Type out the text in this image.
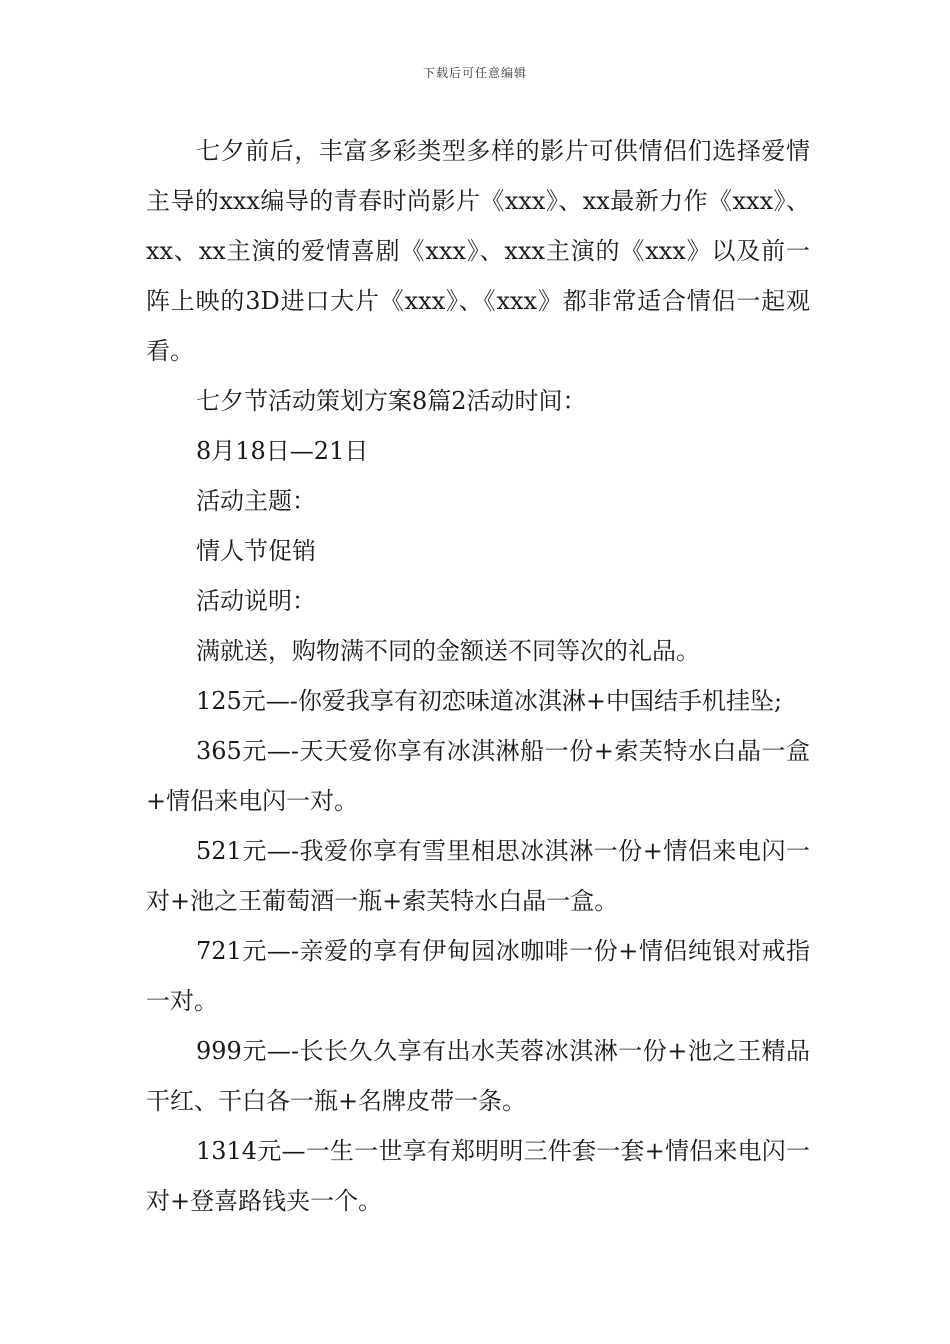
下载后可任意编辑

七夕前后，丰富多彩类型多样的影片可供情侣们选择爱情主导的xxx编导的青春时尚影片《xxx》、xx最新力作《xxx》、xx、xx主演的爱情喜剧《xxx》、xxx主演的《xxx》以及前一阵上映的3D进口大片《xxx》、《xxx》都非常适合情侣一起观看。

七夕节活动策划方案8篇2活动时间：

8月18日—21日

活动主题：

情人节促销

活动说明：

满就送，购物满不同的金额送不同等次的礼品。

125元—-你爱我享有初恋味道冰淇淋+中国结手机挂坠;

365元—-天天爱你享有冰淇淋船一份+索芙特水白晶一盒+情侣来电闪一对。

521元—-我爱你享有雪里相思冰淇淋一份+情侣来电闪一对+池之王葡萄酒一瓶+索芙特水白晶一盒。

721元—-亲爱的享有伊甸园冰咖啡一份+情侣纯银对戒指一对。

999元—-长长久久享有出水芙蓉冰淇淋一份+池之王精品干红、干白各一瓶+名牌皮带一条。

1314元—一生一世享有郑明明三件套一套+情侣来电闪一对+登喜路钱夹一个。
